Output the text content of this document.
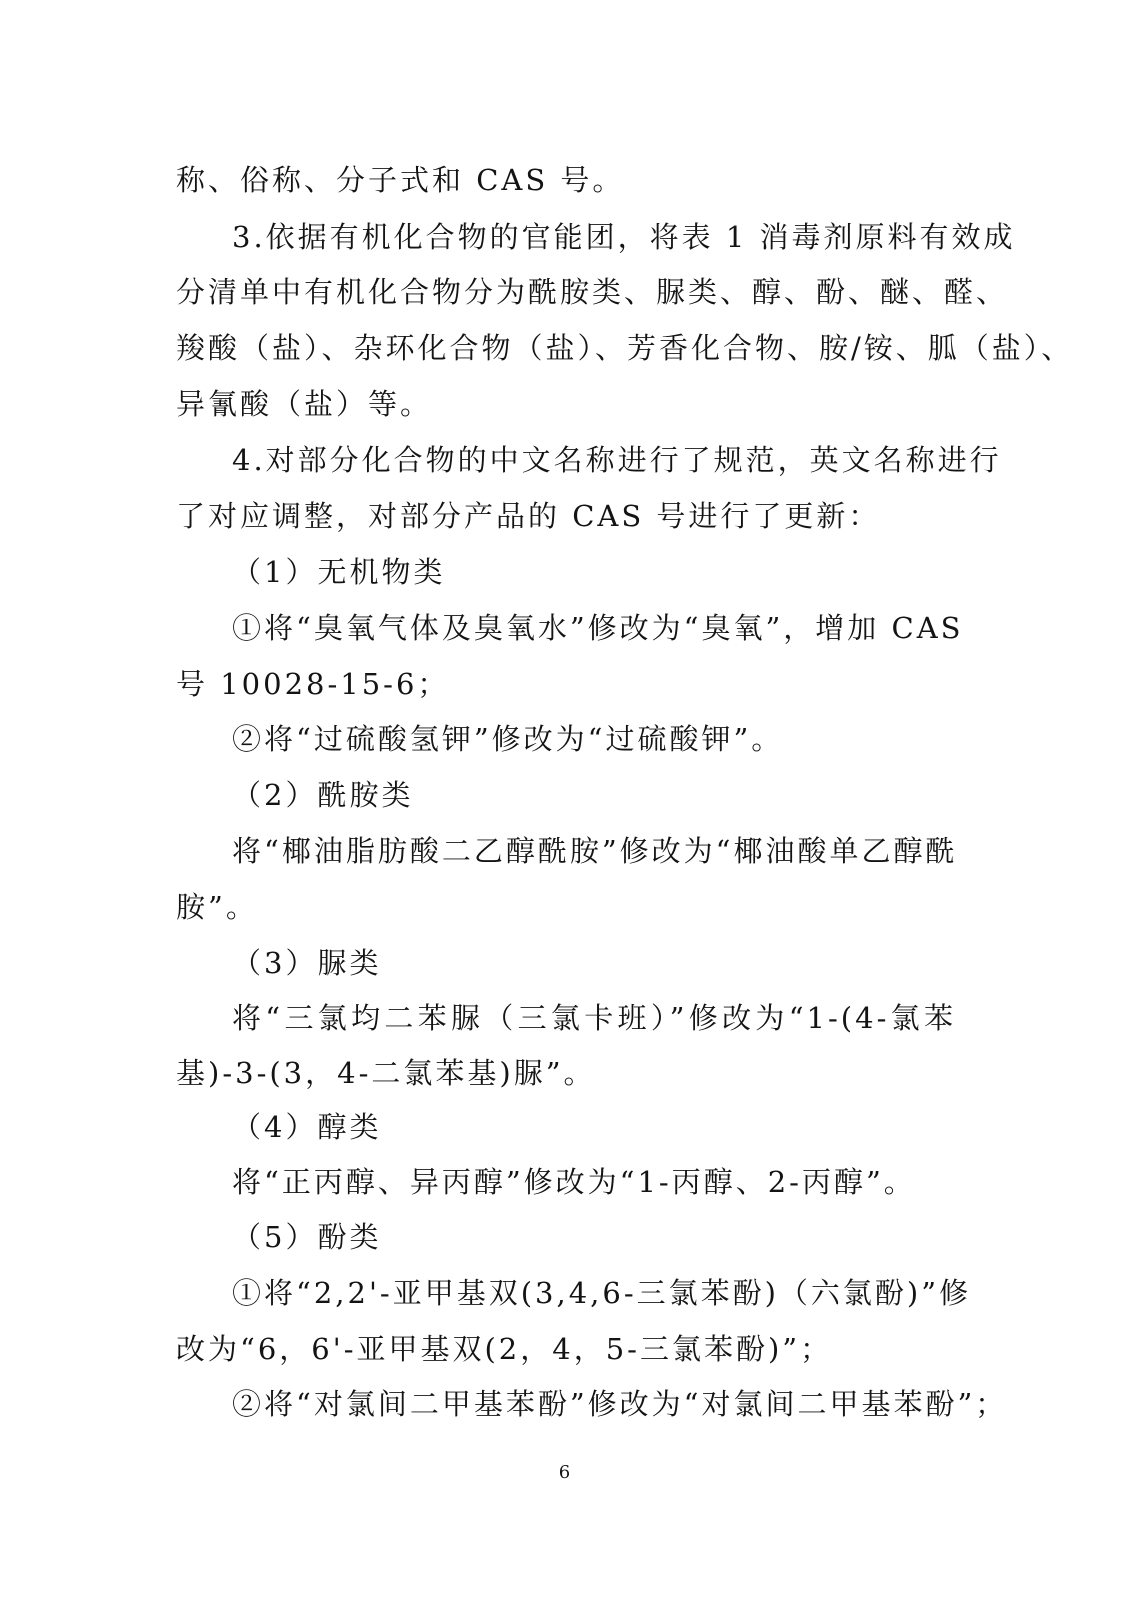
称、俗称、分子式和 CAS 号。
3.依据有机化合物的官能团，将表 1 消毒剂原料有效成
分清单中有机化合物分为酰胺类、脲类、醇、酚、醚、醛、
羧酸（盐）、杂环化合物（盐）、芳香化合物、胺/铵、胍（盐）、
异氰酸（盐）等。
4.对部分化合物的中文名称进行了规范，英文名称进行
了对应调整，对部分产品的 CAS 号进行了更新：
（1）无机物类
①将“臭氧气体及臭氧水”修改为“臭氧”，增加 CAS
号 10028-15-6；
②将“过硫酸氢钾”修改为“过硫酸钾”。
（2）酰胺类
将“椰油脂肪酸二乙醇酰胺”修改为“椰油酸单乙醇酰
胺”。
（3）脲类
将“三氯均二苯脲（三氯卡班）”修改为“1-(4-氯苯
基)-3-(3，4-二氯苯基)脲”。
（4）醇类
将“正丙醇、异丙醇”修改为“1-丙醇、2-丙醇”。
（5）酚类
①将“2,2'-亚甲基双(3,4,6-三氯苯酚)（六氯酚)”修
改为“6，6'-亚甲基双(2，4，5-三氯苯酚)”；
②将“对氯间二甲基苯酚”修改为“对氯间二甲基苯酚”；
6
